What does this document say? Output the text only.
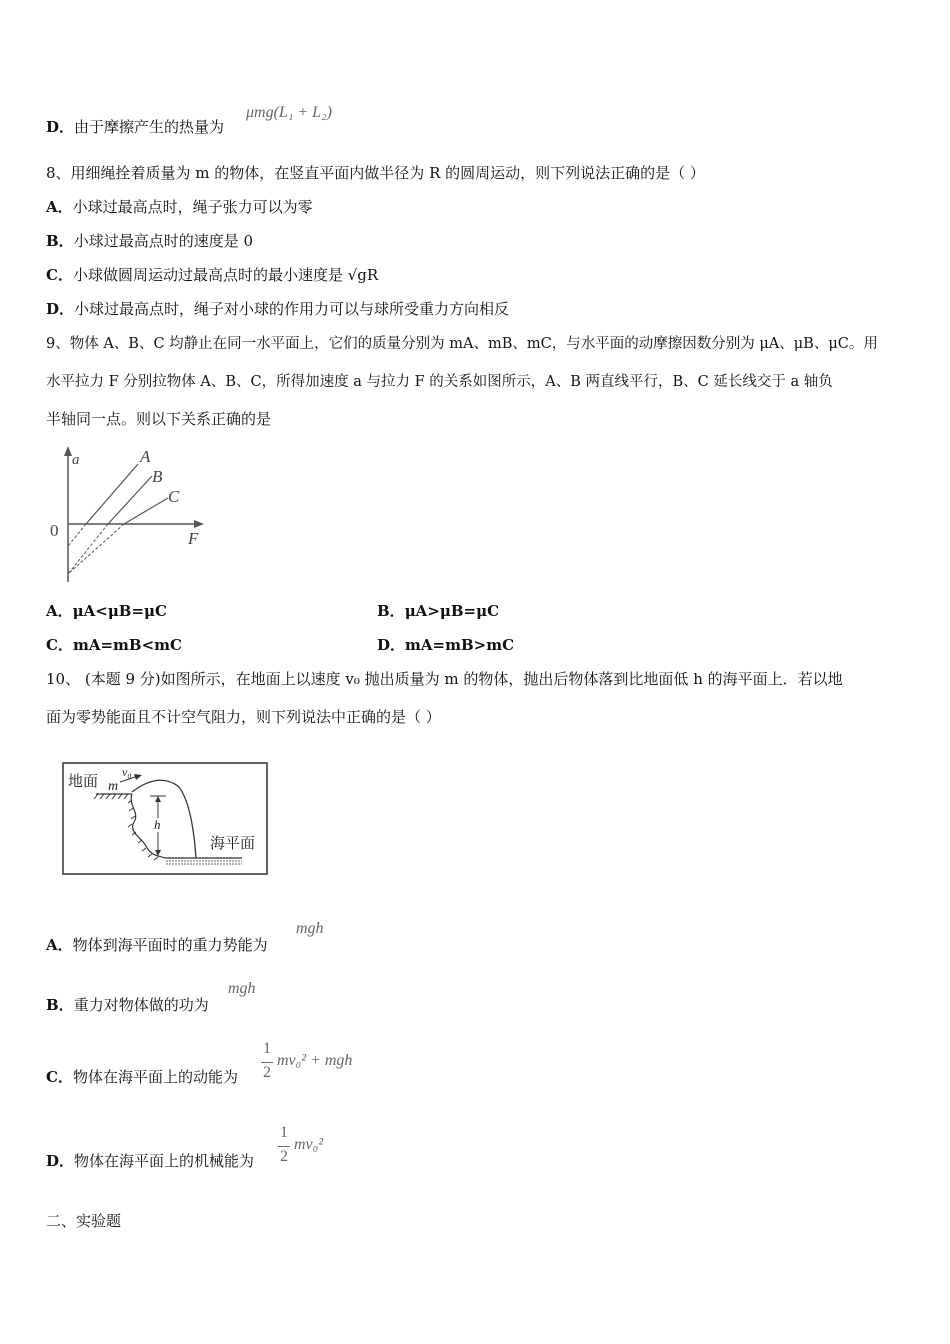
D．由于摩擦产生的热量为
μmg(L₁ + L₂)
8、用细绳拴着质量为 m 的物体，在竖直平面内做半径为 R 的圆周运动，则下列说法正确的是（ ）
A．小球过最高点时，绳子张力可以为零
B．小球过最高点时的速度是 0
C．小球做圆周运动过最高点时的最小速度是 √gR
D．小球过最高点时，绳子对小球的作用力可以与球所受重力方向相反
9、物体 A、B、C 均静止在同一水平面上，它们的质量分别为 mA、mB、mC，与水平面的动摩擦因数分别为 μA、μB、μC。用
水平拉力 F 分别拉物体 A、B、C，所得加速度 a 与拉力 F 的关系如图所示，A、B 两直线平行，B、C 延长线交于 a 轴负
半轴同一点。则以下关系正确的是
a
F
0
A
B
C
A．μA<μB=μC	B．μA>μB=μC
C．mA=mB<mC	D．mA=mB>mC
10、 (本题 9 分)如图所示，在地面上以速度 v₀ 抛出质量为 m 的物体，抛出后物体落到比地面低 h 的海平面上．若以地
面为零势能面且不计空气阻力，则下列说法中正确的是（ ）
地面 m
v₀
h
海平面
A．物体到海平面时的重力势能为
mgh
B．重力对物体做的功为
mgh
C．物体在海平面上的动能为
1
2
mv₀² + mgh
D．物体在海平面上的机械能为
1
2
mv₀²
二、实验题
